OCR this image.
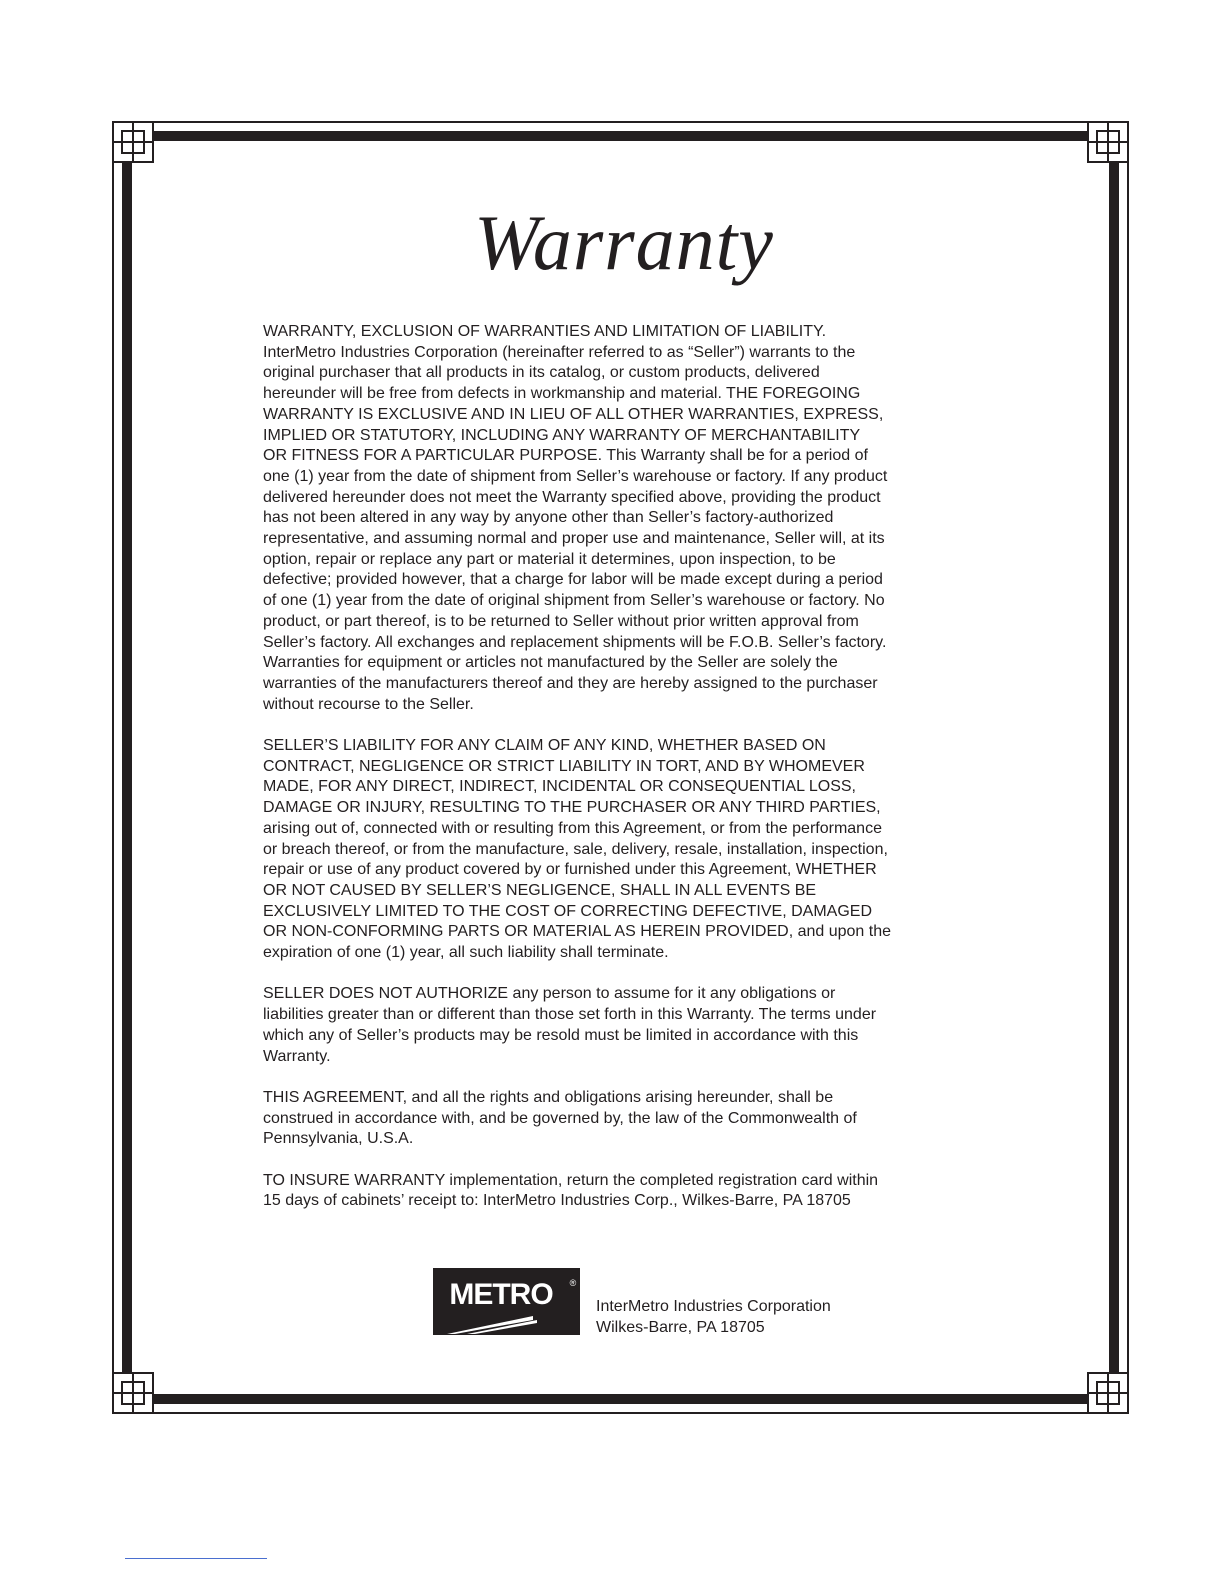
Warranty

WARRANTY, EXCLUSION OF WARRANTIES AND LIMITATION OF LIABILITY.
InterMetro Industries Corporation (hereinafter referred to as “Seller”) warrants to the
original purchaser that all products in its catalog, or custom products, delivered
hereunder will be free from defects in workmanship and material. THE FOREGOING
WARRANTY IS EXCLUSIVE AND IN LIEU OF ALL OTHER WARRANTIES, EXPRESS,
IMPLIED OR STATUTORY, INCLUDING ANY WARRANTY OF MERCHANTABILITY
OR FITNESS FOR A PARTICULAR PURPOSE. This Warranty shall be for a period of
one (1) year from the date of shipment from Seller’s warehouse or factory. If any product
delivered hereunder does not meet the Warranty specified above, providing the product
has not been altered in any way by anyone other than Seller’s factory-authorized
representative, and assuming normal and proper use and maintenance, Seller will, at its
option, repair or replace any part or material it determines, upon inspection, to be
defective; provided however, that a charge for labor will be made except during a period
of one (1) year from the date of original shipment from Seller’s warehouse or factory. No
product, or part thereof, is to be returned to Seller without prior written approval from
Seller’s factory. All exchanges and replacement shipments will be F.O.B. Seller’s factory.
Warranties for equipment or articles not manufactured by the Seller are solely the
warranties of the manufacturers thereof and they are hereby assigned to the purchaser
without recourse to the Seller.

SELLER’S LIABILITY FOR ANY CLAIM OF ANY KIND, WHETHER BASED ON
CONTRACT, NEGLIGENCE OR STRICT LIABILITY IN TORT, AND BY WHOMEVER
MADE, FOR ANY DIRECT, INDIRECT, INCIDENTAL OR CONSEQUENTIAL LOSS,
DAMAGE OR INJURY, RESULTING TO THE PURCHASER OR ANY THIRD PARTIES,
arising out of, connected with or resulting from this Agreement, or from the performance
or breach thereof, or from the manufacture, sale, delivery, resale, installation, inspection,
repair or use of any product covered by or furnished under this Agreement, WHETHER
OR NOT CAUSED BY SELLER’S NEGLIGENCE, SHALL IN ALL EVENTS BE
EXCLUSIVELY LIMITED TO THE COST OF CORRECTING DEFECTIVE, DAMAGED
OR NON-CONFORMING PARTS OR MATERIAL AS HEREIN PROVIDED, and upon the
expiration of one (1) year, all such liability shall terminate.

SELLER DOES NOT AUTHORIZE any person to assume for it any obligations or
liabilities greater than or different than those set forth in this Warranty. The terms under
which any of Seller’s products may be resold must be limited in accordance with this
Warranty.

THIS AGREEMENT, and all the rights and obligations arising hereunder, shall be
construed in accordance with, and be governed by, the law of the Commonwealth of
Pennsylvania, U.S.A.

TO INSURE WARRANTY implementation, return the completed registration card within
15 days of cabinets’ receipt to: InterMetro Industries Corp., Wilkes-Barre, PA 18705

METRO ®
InterMetro Industries Corporation
Wilkes-Barre, PA 18705
